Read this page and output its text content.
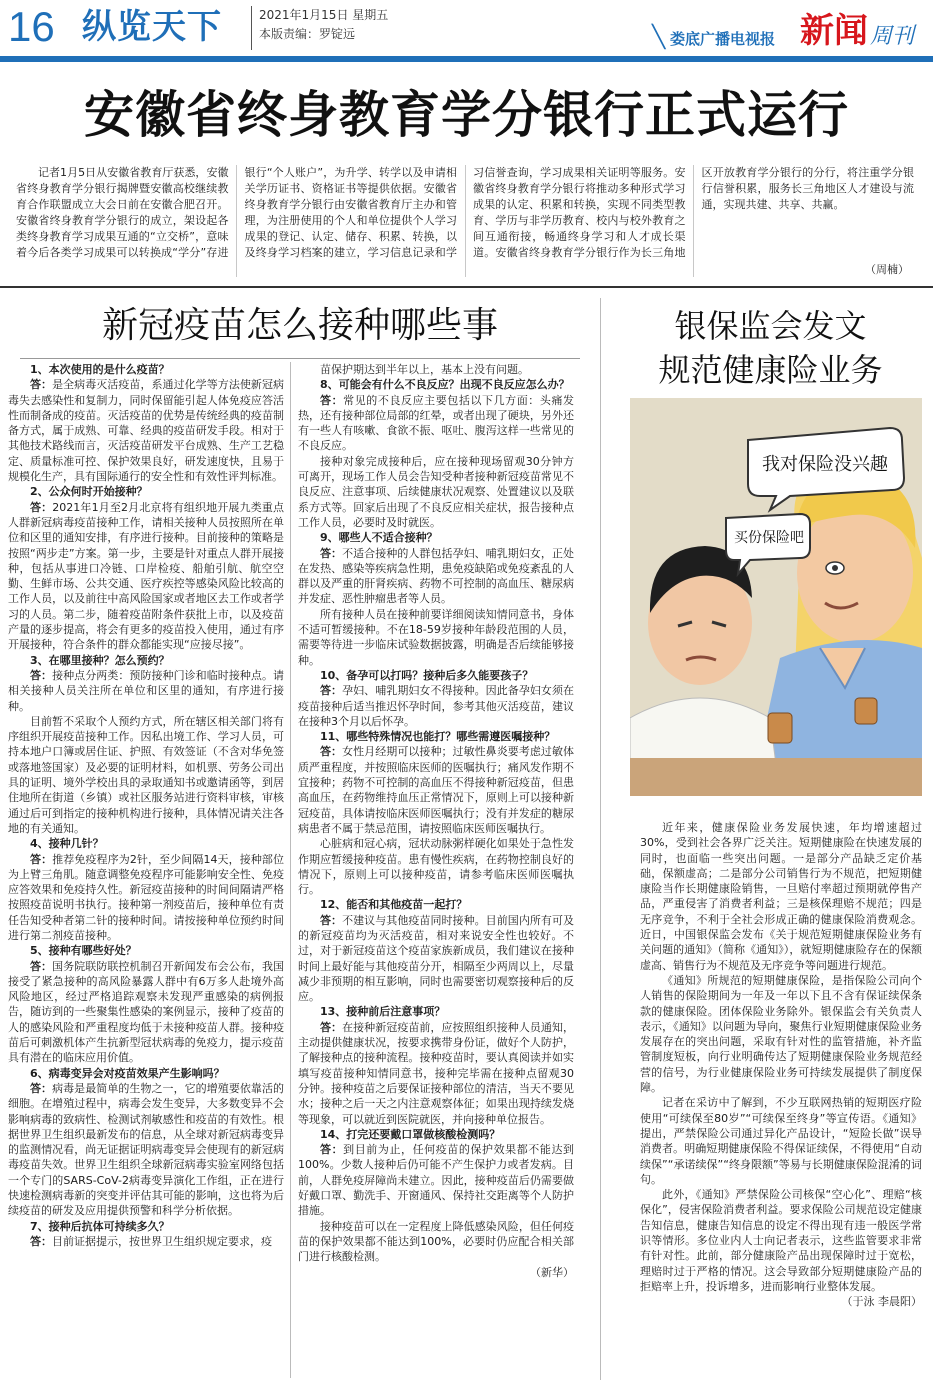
16 纵览天下	2021年1月15日 星期五
本版责编：罗锭远	╲ 娄底广播电视报 新闻 周刊
安徽省终身教育学分银行正式运行
记者1月5日从安徽省教育厅获悉，安徽省终身教育学分银行揭牌暨安徽高校继续教育合作联盟成立大会日前在安徽合肥召开。安徽省终身教育学分银行的成立，架设起各类终身教育学习成果互通的“立交桥”，意味着今后各类学习成果可以转换成“学分”存进银行“个人账户”，为升学、转学以及申请相关学历证书、资格证书等提供依据。安徽省终身教育学分银行由安徽省教育厅主办和管理，为注册使用的个人和单位提供个人学习成果的登记、认定、储存、积累、转换，以及终身学习档案的建立，学习信息记录和学习信誉查询，学习成果相关证明等服务。安徽省终身教育学分银行将推动多种形式学习成果的认定、积累和转换，实现不同类型教育、学历与非学历教育、校内与校外教育之间互通衔接，畅通终身学习和人才成长渠道。安徽省终身教育学分银行作为长三角地区开放教育学分银行的分行，将注重学分银行信誉积累，服务长三角地区人才建设与流通，实现共建、共享、共赢。
（周楠）
新冠疫苗怎么接种哪些事

1、本次使用的是什么疫苗？

答：是全病毒灭活疫苗，系通过化学等方法使新冠病毒失去感染性和复制力，同时保留能引起人体免疫应答活性而制备成的疫苗。灭活疫苗的优势是传统经典的疫苗制备方式，属于成熟、可靠、经典的疫苗研发手段。相对于其他技术路线而言，灭活疫苗研发平台成熟、生产工艺稳定、质量标准可控、保护效果良好，研发速度快，且易于规模化生产，具有国际通行的安全性和有效性评判标准。

2、公众何时开始接种？

答：2021年1月至2月北京将有组织地开展九类重点人群新冠病毒疫苗接种工作，请相关接种人员按照所在单位和区里的通知安排，有序进行接种。目前接种的策略是按照“两步走”方案。第一步，主要是针对重点人群开展接种，包括从事进口冷链、口岸检疫、船舶引航、航空空勤、生鲜市场、公共交通、医疗疾控等感染风险比较高的工作人员，以及前往中高风险国家或者地区去工作或者学习的人员。第二步，随着疫苗附条件获批上市，以及疫苗产量的逐步提高，将会有更多的疫苗投入使用，通过有序开展接种，符合条件的群众都能实现“应接尽接”。

3、在哪里接种？怎么预约？

答：接种点分两类：预防接种门诊和临时接种点。请相关接种人员关注所在单位和区里的通知，有序进行接种。

目前暂不采取个人预约方式，所在辖区相关部门将有序组织开展疫苗接种工作。因私出境工作、学习人员，可持本地户口簿或居住证、护照、有效签证（不含对华免签或落地签国家）及必要的证明材料，如机票、劳务公司出具的证明、境外学校出具的录取通知书或邀请函等，到居住地所在街道（乡镇）或社区服务站进行资料审核，审核通过后可到指定的接种机构进行接种，具体情况请关注各地的有关通知。

4、接种几针？

答：推荐免疫程序为2针，至少间隔14天，接种部位为上臂三角肌。随意调整免疫程序可能影响安全性、免疫应答效果和免疫持久性。新冠疫苗接种的时间间隔请严格按照疫苗说明书执行。接种第一剂疫苗后，接种单位有责任告知受种者第二针的接种时间。请按接种单位预约时间进行第二剂疫苗接种。

5、接种有哪些好处？

答：国务院联防联控机制召开新闻发布会公布，我国接受了紧急接种的高风险暴露人群中有6万多人赴境外高风险地区，经过严格追踪观察未发现严重感染的病例报告，随访到的一些聚集性感染的案例显示，接种了疫苗的人的感染风险和严重程度均低于未接种疫苗人群。接种疫苗后可刺激机体产生抗新型冠状病毒的免疫力，提示疫苗具有潜在的临床应用价值。

6、病毒变异会对疫苗效果产生影响吗？

答：病毒是最简单的生物之一，它的增殖要依靠活的细胞。在增殖过程中，病毒会发生变异，大多数变异不会影响病毒的致病性、检测试剂敏感性和疫苗的有效性。根据世界卫生组织最新发布的信息，从全球对新冠病毒变异的监测情况看，尚无证据证明病毒变异会使现有的新冠病毒疫苗失效。世界卫生组织全球新冠病毒实验室网络包括一个专门的SARS-CoV-2病毒变异演化工作组，正在进行快速检测病毒新的突变并评估其可能的影响，这也将为后续疫苗的研发及应用提供预警和科学分析依据。

7、接种后抗体可持续多久？

答：目前证据提示，按世界卫生组织规定要求，疫

苗保护期达到半年以上，基本上没有问题。

8、可能会有什么不良反应？出现不良反应怎么办？

答：常见的不良反应主要包括以下几方面：头痛发热，还有接种部位局部的红晕，或者出现了硬块，另外还有一些人有咳嗽、食欲不振、呕吐、腹泻这样一些常见的不良反应。

接种对象完成接种后，应在接种现场留观30分钟方可离开，现场工作人员会告知受种者接种新冠疫苗常见不良反应、注意事项、后续健康状况观察、处置建议以及联系方式等。回家后出现了不良反应相关症状，报告接种点工作人员，必要时及时就医。

9、哪些人不适合接种？

答：不适合接种的人群包括孕妇、哺乳期妇女，正处在发热、感染等疾病急性期，患免疫缺陷或免疫紊乱的人群以及严重的肝肾疾病、药物不可控制的高血压、糖尿病并发症、恶性肿瘤患者等人员。

所有接种人员在接种前要详细阅读知情同意书，身体不适可暂缓接种。不在18-59岁接种年龄段范围的人员，需要等待进一步临床试验数据披露，明确是否后续能够接种。

10、备孕可以打吗？接种后多久能要孩子？

答：孕妇、哺乳期妇女不得接种。因此备孕妇女须在疫苗接种后适当推迟怀孕时间，参考其他灭活疫苗，建议在接种3个月以后怀孕。

11、哪些特殊情况也能打？哪些需遵医嘱接种？

答：女性月经期可以接种；过敏性鼻炎要考虑过敏体质严重程度，并按照临床医师的医嘱执行；痛风发作期不宜接种；药物不可控制的高血压不得接种新冠疫苗，但患高血压，在药物维持血压正常情况下，原则上可以接种新冠疫苗，具体请按临床医师医嘱执行；没有并发症的糖尿病患者不属于禁忌范围，请按照临床医师医嘱执行。

心脏病和冠心病，冠状动脉粥样硬化如果处于急性发作期应暂缓接种疫苗。患有慢性疾病，在药物控制良好的情况下，原则上可以接种疫苗，请参考临床医师医嘱执行。

12、能否和其他疫苗一起打？

答：不建议与其他疫苗同时接种。目前国内所有可及的新冠疫苗均为灭活疫苗，相对来说安全性也较好。不过，对于新冠疫苗这个疫苗家族新成员，我们建议在接种时间上最好能与其他疫苗分开，相隔至少两周以上，尽量减少非预期的相互影响，同时也需要密切观察接种后的反应。

13、接种前后注意事项？

答：在接种新冠疫苗前，应按照组织接种人员通知，主动提供健康状况，按要求携带身份证，做好个人防护，了解接种点的接种流程。接种疫苗时，要认真阅读并如实填写疫苗接种知情同意书，接种完毕需在接种点留观30分钟。接种疫苗之后要保证接种部位的清洁，当天不要见水；接种之后一天之内注意观察体征；如果出现持续发烧等现象，可以就近到医院就医，并向接种单位报告。

14、打完还要戴口罩做核酸检测吗？

答：到目前为止，任何疫苗的保护效果都不能达到100%。少数人接种后仍可能不产生保护力或者发病。目前，人群免疫屏障尚未建立。因此，接种疫苗后仍需要做好戴口罩、勤洗手、开窗通风、保持社交距离等个人防护措施。

接种疫苗可以在一定程度上降低感染风险，但任何疫苗的保护效果都不能达到100%，必要时仍应配合相关部门进行核酸检测。

（新华）

银保监会发文
规范健康险业务
我对保险没兴趣
买份保险吧

近年来，健康保险业务发展快速，年均增速超过30%，受到社会各界广泛关注。短期健康险在快速发展的同时，也面临一些突出问题。一是部分产品缺乏定价基础，保额虚高；二是部分公司销售行为不规范，把短期健康险当作长期健康险销售，一旦赔付率超过预期就停售产品，严重侵害了消费者利益；三是核保理赔不规范；四是无序竞争，不利于全社会形成正确的健康保险消费观念。近日，中国银保监会发布《关于规范短期健康保险业务有关问题的通知》（简称《通知》），就短期健康险存在的保额虚高、销售行为不规范及无序竞争等问题进行规范。

《通知》所规范的短期健康保险，是指保险公司向个人销售的保险期间为一年及一年以下且不含有保证续保条款的健康保险。团体保险业务除外。银保监会有关负责人表示，《通知》以问题为导向，聚焦行业短期健康保险业务发展存在的突出问题，采取有针对性的监管措施，补齐监管制度短板，向行业明确传达了短期健康保险业务规范经营的信号，为行业健康保险业务可持续发展提供了制度保障。

记者在采访中了解到，不少互联网热销的短期医疗险使用“可续保至80岁”“可续保至终身”等宣传语。《通知》提出，严禁保险公司通过异化产品设计，“短险长做”误导消费者。明确短期健康保险不得保证续保，不得使用“自动续保”“承诺续保”“终身限额”等易与长期健康保险混淆的词句。

此外，《通知》严禁保险公司核保“空心化”、理赔“核保化”，侵害保险消费者利益。要求保险公司规范设定健康告知信息，健康告知信息的设定不得出现有违一般医学常识等情形。多位业内人士向记者表示，这些监管要求非常有针对性。此前，部分健康险产品出现保障时过于宽松，理赔时过于严格的情况。这会导致部分短期健康险产品的拒赔率上升，投诉增多，进而影响行业整体发展。

（于泳 李晨阳）
